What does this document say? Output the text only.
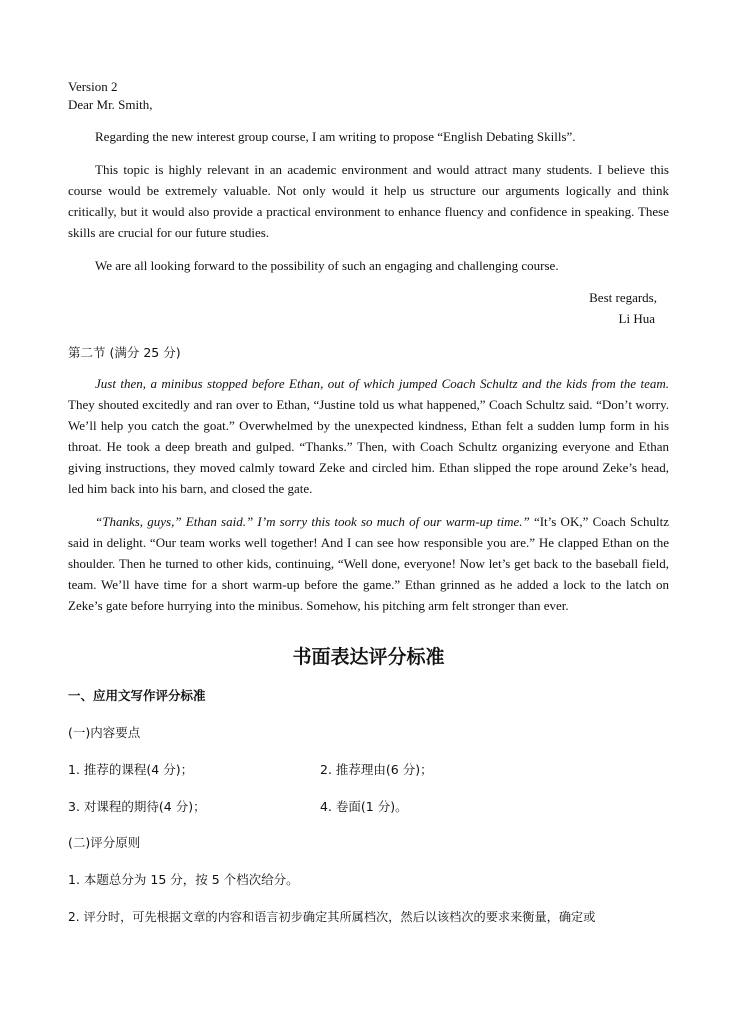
Version 2
Dear Mr. Smith,

Regarding the new interest group course, I am writing to propose “English Debating Skills”.

This topic is highly relevant in an academic environment and would attract many students. I believe this course would be extremely valuable. Not only would it help us structure our arguments logically and think critically, but it would also provide a practical environment to enhance fluency and confidence in speaking. These skills are crucial for our future studies.

We are all looking forward to the possibility of such an engaging and challenging course.

Best regards,
Li Hua
第二节 (满分 25 分)

Just then, a minibus stopped before Ethan, out of which jumped Coach Schultz and the kids from the team. They shouted excitedly and ran over to Ethan, “Justine told us what happened,” Coach Schultz said. “Don’t worry. We’ll help you catch the goat.” Overwhelmed by the unexpected kindness, Ethan felt a sudden lump form in his throat. He took a deep breath and gulped. “Thanks.” Then, with Coach Schultz organizing everyone and Ethan giving instructions, they moved calmly toward Zeke and circled him. Ethan slipped the rope around Zeke’s head, led him back into his barn, and closed the gate.

“Thanks, guys,” Ethan said.” I’m sorry this took so much of our warm-up time.” “It’s OK,” Coach Schultz said in delight. “Our team works well together! And I can see how responsible you are.” He clapped Ethan on the shoulder. Then he turned to other kids, continuing, “Well done, everyone! Now let’s get back to the baseball field, team. We’ll have time for a short warm-up before the game.” Ethan grinned as he added a lock to the latch on Zeke’s gate before hurrying into the minibus. Somehow, his pitching arm felt stronger than ever.

书面表达评分标准
一、应用文写作评分标准
(一)内容要点
1. 推荐的课程(4 分)；	2. 推荐理由(6 分)；
3. 对课程的期待(4 分)；	4. 卷面(1 分)。
(二)评分原则
1. 本题总分为 15 分，按 5 个档次给分。
2. 评分时，可先根据文章的内容和语言初步确定其所属档次，然后以该档次的要求来衡量，确定或
